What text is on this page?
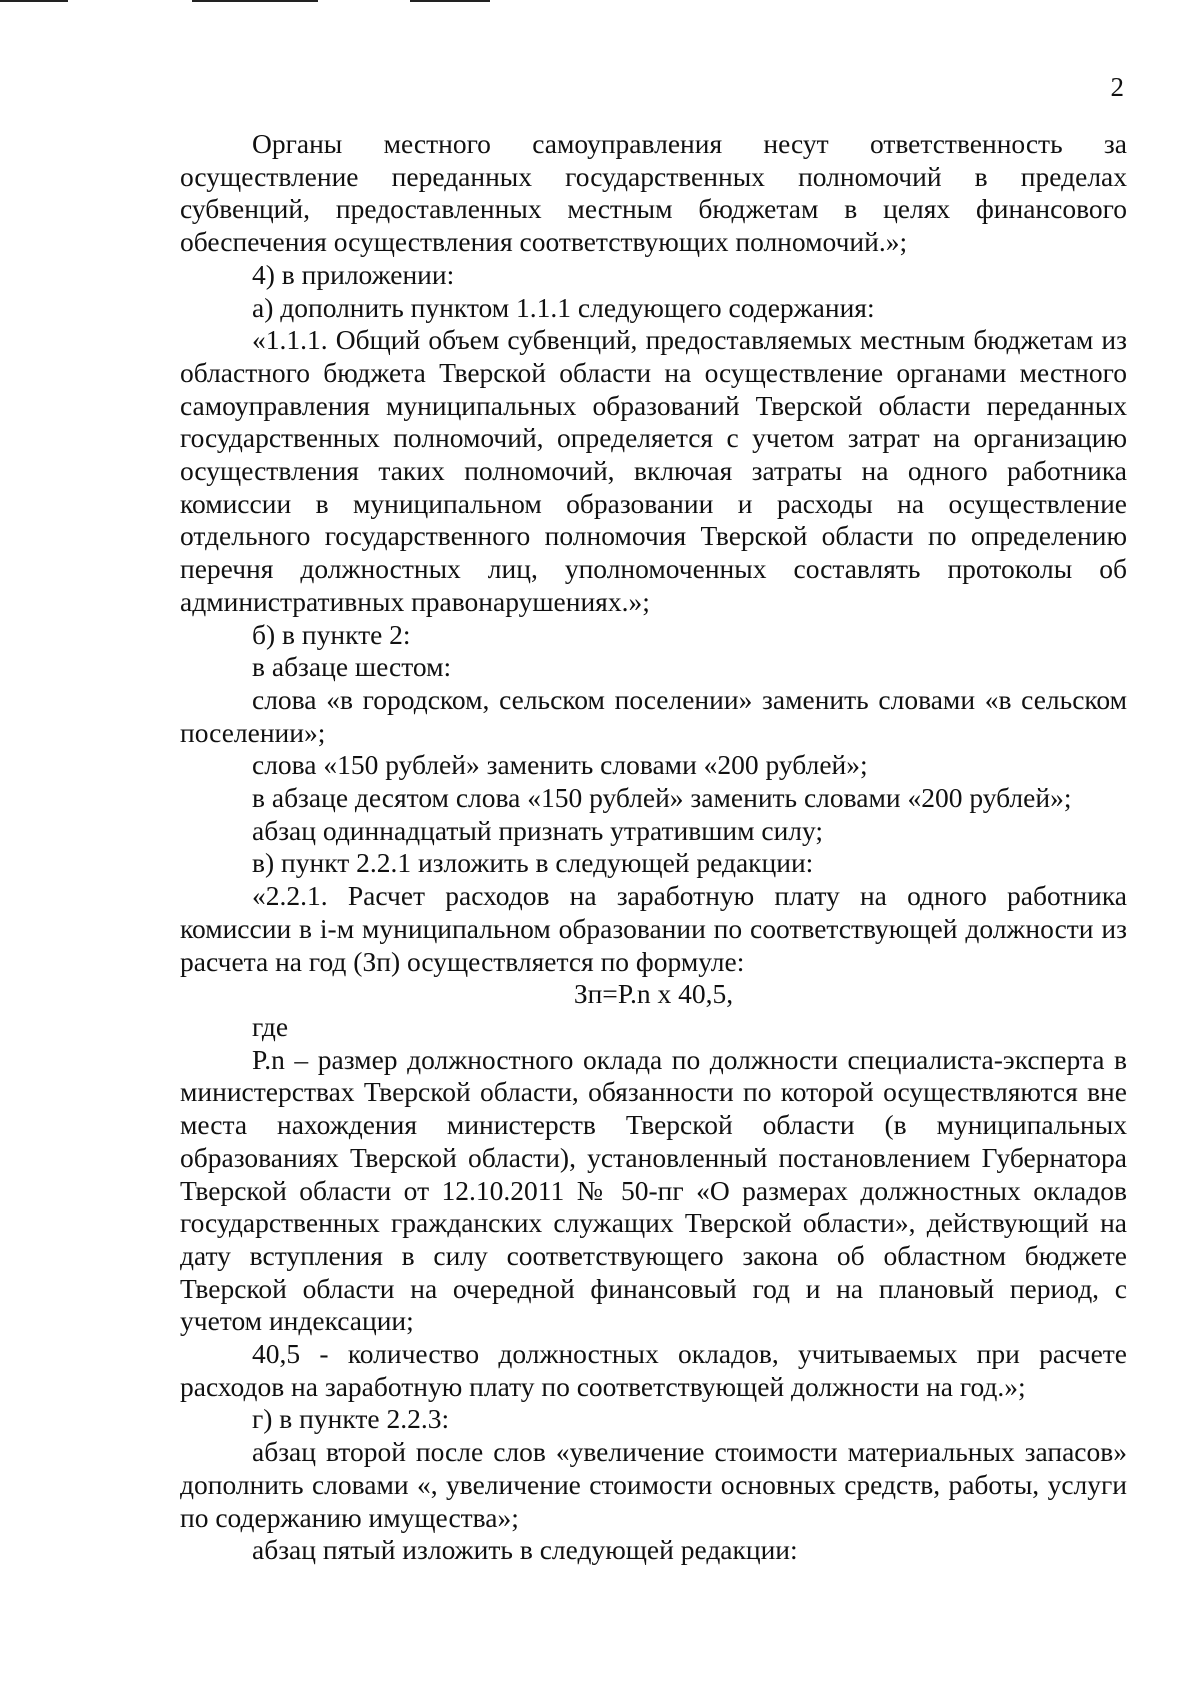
2

Органы местного самоуправления несут ответственность за осуществление переданных государственных полномочий в пределах субвенций, предоставленных местным бюджетам в целях финансового обеспечения осуществления соответствующих полномочий.»;

4) в приложении:

а) дополнить пунктом 1.1.1 следующего содержания:

«1.1.1. Общий объем субвенций, предоставляемых местным бюджетам из областного бюджета Тверской области на осуществление органами местного самоуправления муниципальных образований Тверской области переданных государственных полномочий, определяется с учетом затрат на организацию осуществления таких полномочий, включая затраты на одного работника комиссии в муниципальном образовании и расходы на осуществление отдельного государственного полномочия Тверской области по определению перечня должностных лиц, уполномоченных составлять протоколы об административных правонарушениях.»;

б) в пункте 2:

в абзаце шестом:

слова «в городском, сельском поселении» заменить словами «в сельском поселении»;

слова «150 рублей» заменить словами «200 рублей»;

в абзаце десятом слова «150 рублей» заменить словами «200 рублей»;

абзац одиннадцатый признать утратившим силу;

в) пункт 2.2.1 изложить в следующей редакции:

«2.2.1. Расчет расходов на заработную плату на одного работника комиссии в i-м муниципальном образовании по соответствующей должности из расчета на год (Зп) осуществляется по формуле:

Зп=P.n x 40,5,

где

P.n – размер должностного оклада по должности специалиста-эксперта в министерствах Тверской области, обязанности по которой осуществляются вне места нахождения министерств Тверской области (в муниципальных образованиях Тверской области), установленный постановлением Губернатора Тверской области от 12.10.2011 № 50-пг «О размерах должностных окладов государственных гражданских служащих Тверской области», действующий на дату вступления в силу соответствующего закона об областном бюджете Тверской области на очередной финансовый год и на плановый период, с учетом индексации;

40,5 - количество должностных окладов, учитываемых при расчете расходов на заработную плату по соответствующей должности на год.»;

г) в пункте 2.2.3:

абзац второй после слов «увеличение стоимости материальных запасов» дополнить словами «, увеличение стоимости основных средств, работы, услуги по содержанию имущества»;

абзац пятый изложить в следующей редакции:
